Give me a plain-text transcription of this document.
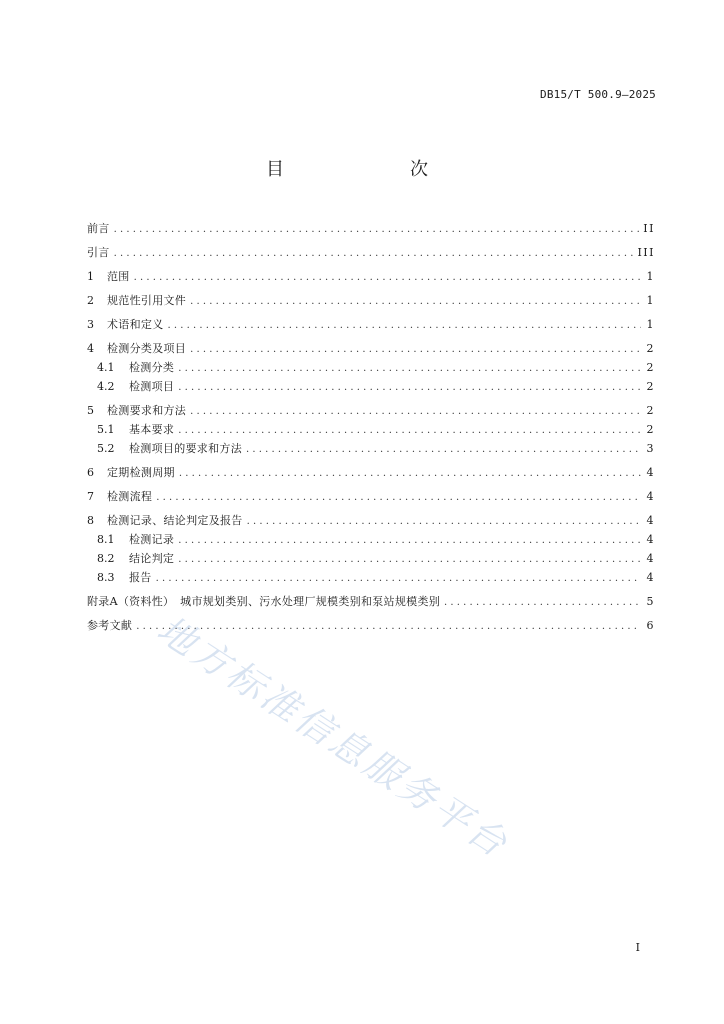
DB15/T 500.9—2025
目　　次
前言 .....	II
引言 .....	III
1	范围 .....	1
2	规范性引用文件 .....	1
3	术语和定义 .....	1
4	检测分类及项目 .....	2
4.1	检测分类 .....	2
4.2	检测项目 .....	2
5	检测要求和方法 .....	2
5.1	基本要求 .....	2
5.2	检测项目的要求和方法 .....	3
6	定期检测周期 .....	4
7	检测流程 .....	4
8	检测记录、结论判定及报告 .....	4
8.1	检测记录 .....	4
8.2	结论判定 .....	4
8.3	报告 .....	4
附录A（资料性）　城市规划类别、污水处理厂规模类别和泵站规模类别 .....	5
参考文献 .....	6
地方标准信息服务平台
I
